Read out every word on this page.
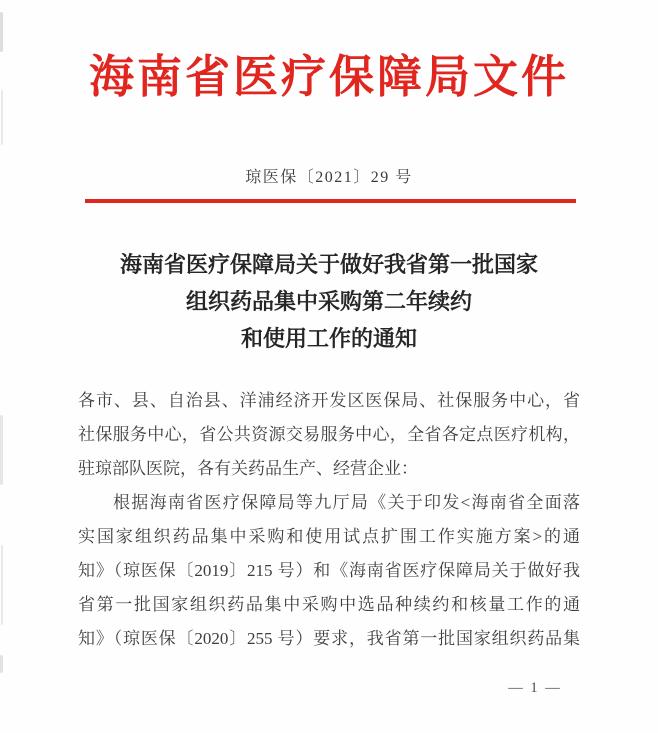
海南省医疗保障局文件
琼医保〔2021〕29 号
海南省医疗保障局关于做好我省第一批国家
组织药品集中采购第二年续约
和使用工作的通知
各市、县、自治县、洋浦经济开发区医保局、社保服务中心，省
社保服务中心，省公共资源交易服务中心，全省各定点医疗机构，
驻琼部队医院，各有关药品生产、经营企业：
根据海南省医疗保障局等九厅局《关于印发<海南省全面落
实国家组织药品集中采购和使用试点扩围工作实施方案>的通
知》（琼医保〔2019〕215 号）和《海南省医疗保障局关于做好我
省第一批国家组织药品集中采购中选品种续约和核量工作的通
知》（琼医保〔2020〕255 号）要求，我省第一批国家组织药品集
— 1 —
